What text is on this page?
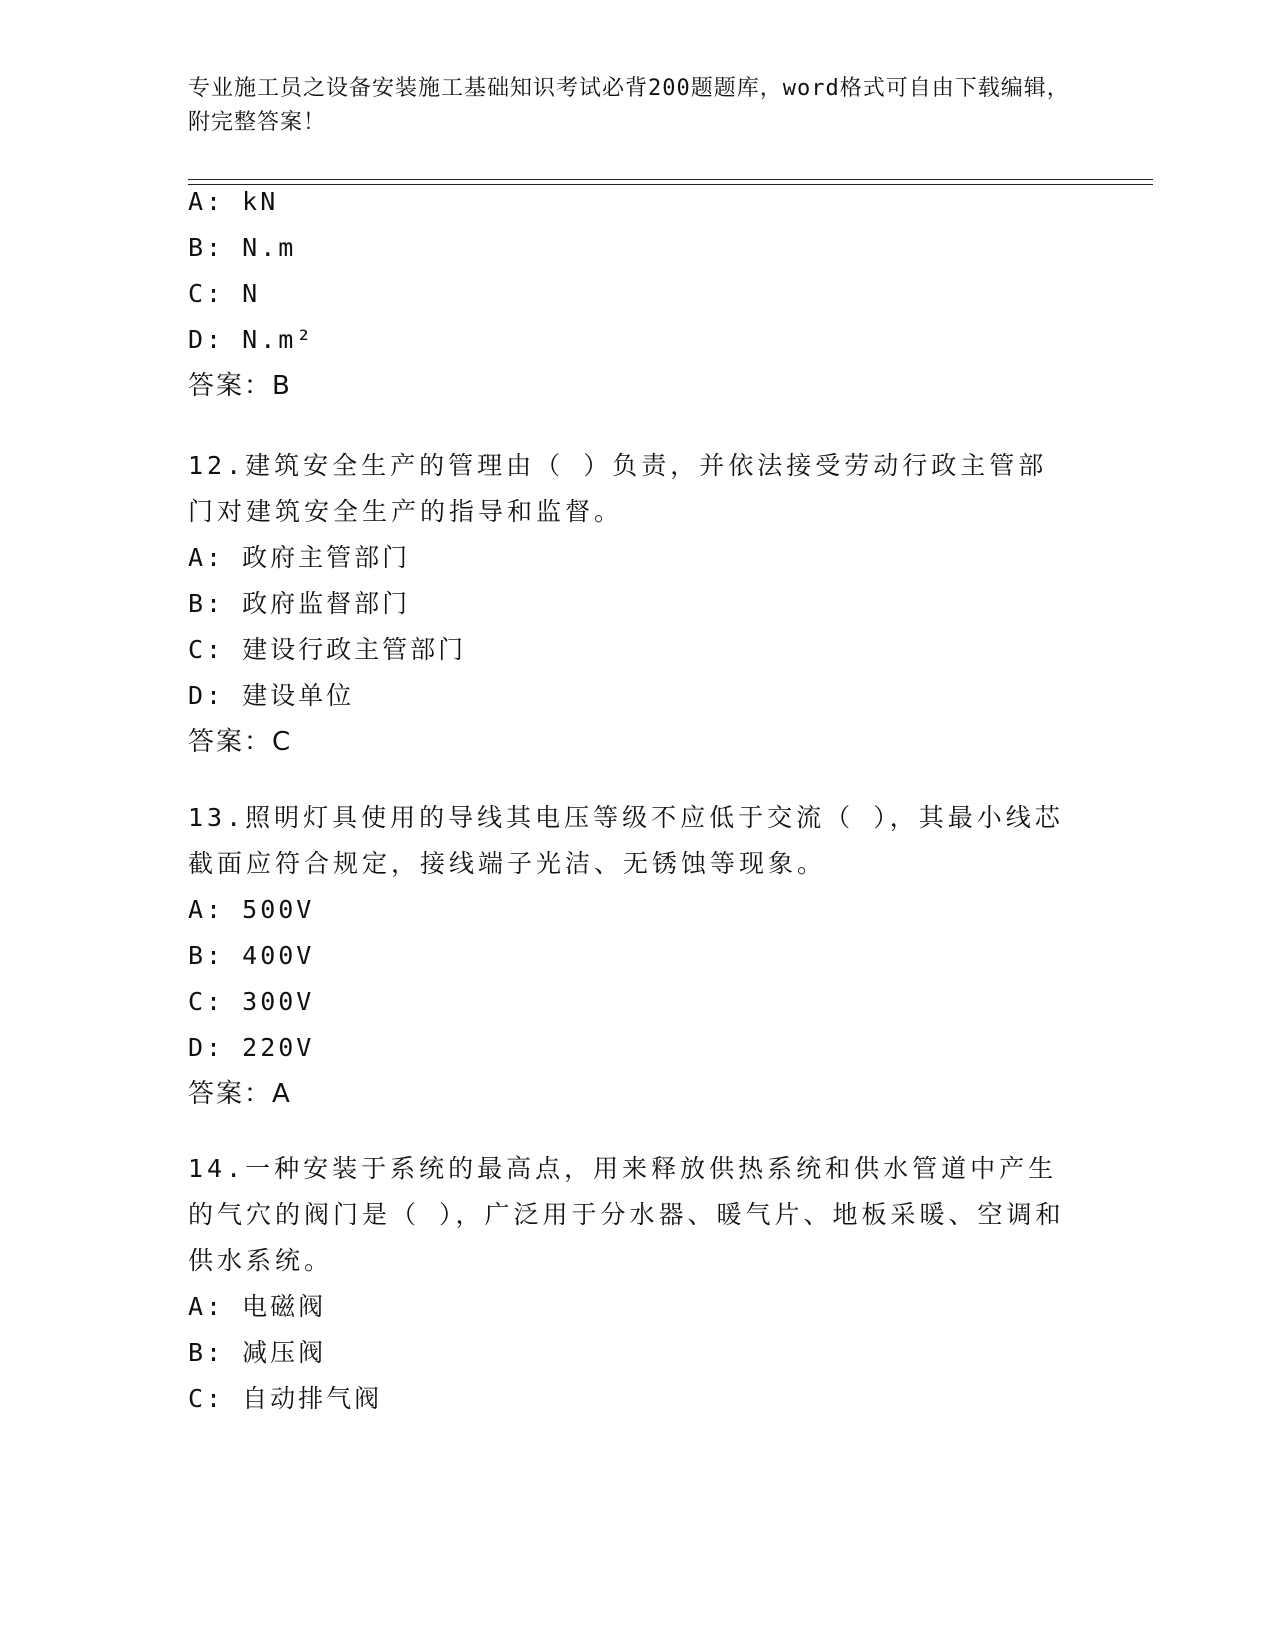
专业施工员之设备安装施工基础知识考试必背200题题库，word格式可自由下载编辑，附完整答案！
A: kN
B: N.m
C: N
D: N.m²
答案：B
12.建筑安全生产的管理由（ ）负责，并依法接受劳动行政主管部门对建筑安全生产的指导和监督。
A: 政府主管部门
B: 政府监督部门
C: 建设行政主管部门
D: 建设单位
答案：C
13.照明灯具使用的导线其电压等级不应低于交流（ ），其最小线芯截面应符合规定，接线端子光洁、无锈蚀等现象。
A: 500V
B: 400V
C: 300V
D: 220V
答案：A
14.一种安装于系统的最高点，用来释放供热系统和供水管道中产生的气穴的阀门是（ ），广泛用于分水器、暖气片、地板采暖、空调和供水系统。
A: 电磁阀
B: 减压阀
C: 自动排气阀
